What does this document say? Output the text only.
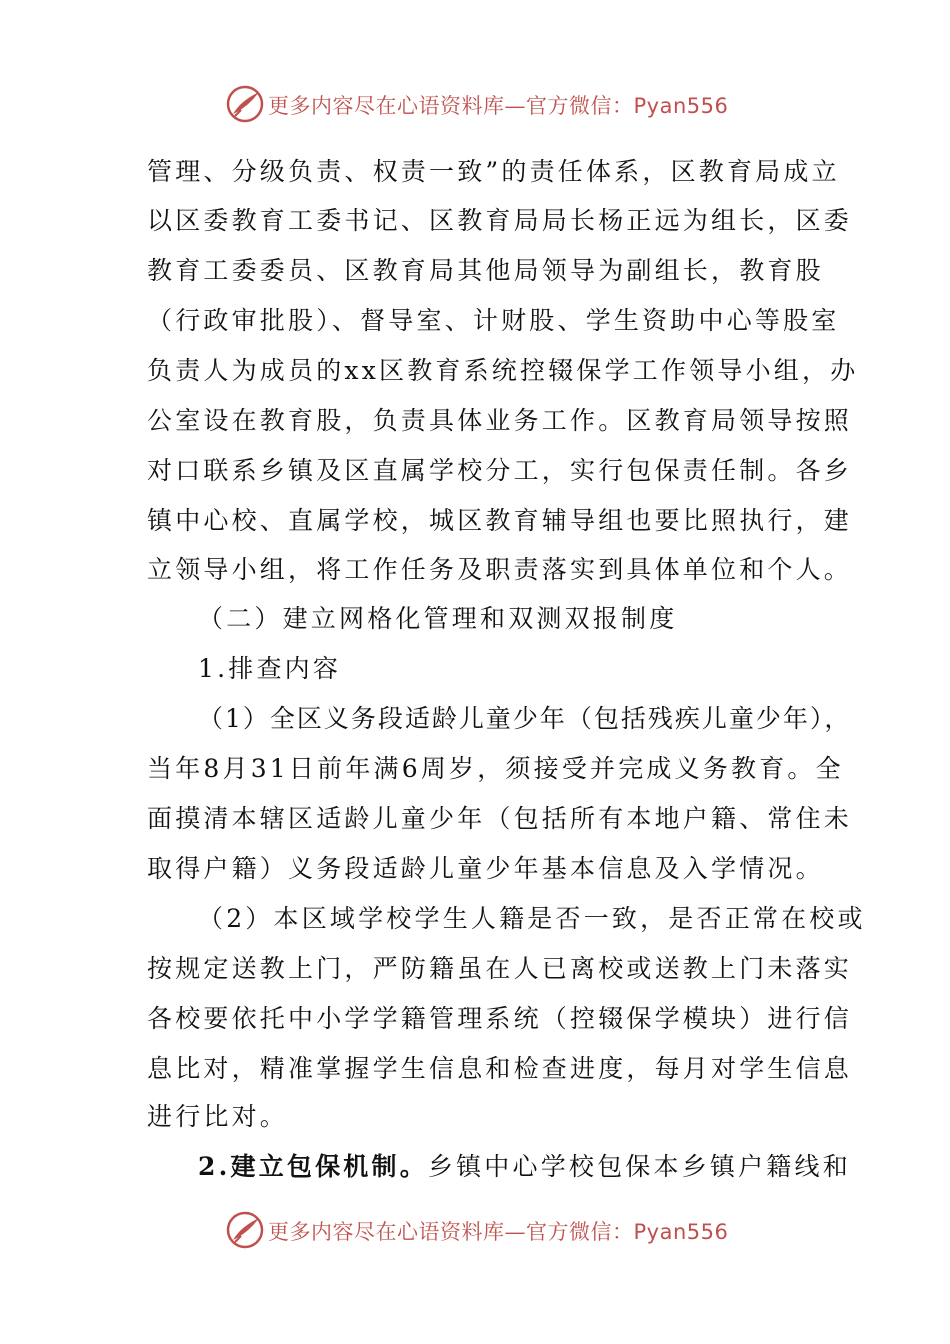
更多内容尽在心语资料库—官方微信：Pyan556
管理、分级负责、权责一致”的责任体系，区教育局成立
以区委教育工委书记、区教育局局长杨正远为组长，区委
教育工委委员、区教育局其他局领导为副组长，教育股
（行政审批股）、督导室、计财股、学生资助中心等股室
负责人为成员的xx区教育系统控辍保学工作领导小组，办
公室设在教育股，负责具体业务工作。区教育局领导按照
对口联系乡镇及区直属学校分工，实行包保责任制。各乡
镇中心校、直属学校，城区教育辅导组也要比照执行，建
立领导小组，将工作任务及职责落实到具体单位和个人。
（二）建立网格化管理和双测双报制度
1.排查内容
（1）全区义务段适龄儿童少年（包括残疾儿童少年），
当年8月31日前年满6周岁，须接受并完成义务教育。全
面摸清本辖区适龄儿童少年（包括所有本地户籍、常住未
取得户籍）义务段适龄儿童少年基本信息及入学情况。
（2）本区域学校学生人籍是否一致，是否正常在校或
按规定送教上门，严防籍虽在人已离校或送教上门未落实
各校要依托中小学学籍管理系统（控辍保学模块）进行信
息比对，精准掌握学生信息和检查进度，每月对学生信息
进行比对。
2.建立包保机制。乡镇中心学校包保本乡镇户籍线和
更多内容尽在心语资料库—官方微信：Pyan556
